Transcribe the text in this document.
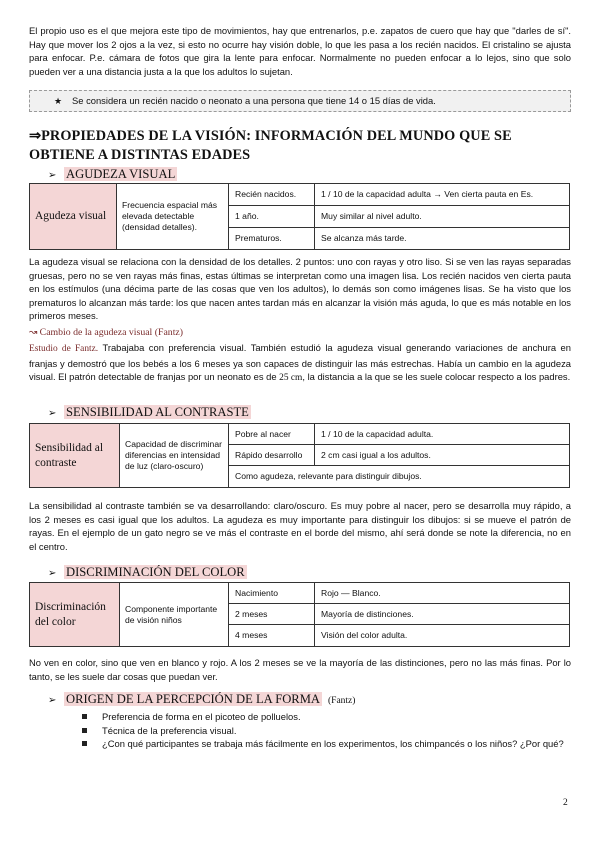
El propio uso es el que mejora este tipo de movimientos, hay que entrenarlos, p.e. zapatos de cuero que hay que "darles de sí". Hay que mover los 2 ojos a la vez, si esto no ocurre hay visión doble, lo que les pasa a los recién nacidos. El cristalino se ajusta para enfocar. P.e. cámara de fotos que gira la lente para enfocar. Normalmente no pueden enfocar a lo lejos, sino que solo pueden ver a una distancia justa a la que los adultos lo sujetan.

★ Se considera un recién nacido o neonato a una persona que tiene 14 o 15 días de vida.
⇒PROPIEDADES DE LA VISIÓN: INFORMACIÓN DEL MUNDO QUE SE OBTIENE A DISTINTAS EDADES
➢ AGUDEZA VISUAL
Agudeza visual	Frecuencia espacial más elevada detectable (densidad detalles).	Recién nacidos.	1 / 10 de la capacidad adulta → Ven cierta pauta en Es.
		1 año.	Muy similar al nivel adulto.
		Prematuros.	Se alcanza más tarde.

La agudeza visual se relaciona con la densidad de los detalles. 2 puntos: uno con rayas y otro liso. Si se ven las rayas separadas gruesas, pero no se ven rayas más finas, estas últimas se interpretan como una imagen lisa. Los recién nacidos ven cierta pauta en los estímulos (una décima parte de las cosas que ven los adultos), lo demás son como imágenes lisas. Se ha visto que los prematuros lo alcanzan más tarde: los que nacen antes tardan más en alcanzar la visión más aguda, lo que es más notable en los primeros meses.

↝ Cambio de la agudeza visual (Fantz)

Estudio de Fantz. Trabajaba con preferencia visual. También estudió la agudeza visual generando variaciones de anchura en franjas y demostró que los bebés a los 6 meses ya son capaces de distinguir las más estrechas. Había un cambio en la agudeza visual. El patrón detectable de franjas por un neonato es de 25 cm, la distancia a la que se les suele colocar respecto a los padres.

➢ SENSIBILIDAD AL CONTRASTE
Sensibilidad al contraste	Capacidad de discriminar diferencias en intensidad de luz (claro-oscuro)	Pobre al nacer	1 / 10 de la capacidad adulta.
		Rápido desarrollo	2 cm casi igual a los adultos.
		Como agudeza, relevante para distinguir dibujos.	

La sensibilidad al contraste también se va desarrollando: claro/oscuro. Es muy pobre al nacer, pero se desarrolla muy rápido, a los 2 meses es casi igual que los adultos. La agudeza es muy importante para distinguir los dibujos: si se mueve el patrón de rayas. En el ejemplo de un gato negro se ve más el contraste en el borde del mismo, ahí será donde se note la diferencia, no en el centro.

➢ DISCRIMINACIÓN DEL COLOR
Discriminación del color	Componente importante de visión niños	Nacimiento	Rojo — Blanco.
		2 meses	Mayoría de distinciones.
		4 meses	Visión del color adulta.

No ven en color, sino que ven en blanco y rojo. A los 2 meses se ve la mayoría de las distinciones, pero no las más finas. Por lo tanto, se les suele dar cosas que puedan ver.

➢ ORIGEN DE LA PERCEPCIÓN DE LA FORMA (Fantz)
Preferencia de forma en el picoteo de polluelos.
Técnica de la preferencia visual.
¿Con qué participantes se trabaja más fácilmente en los experimentos, los chimpancés o los niños? ¿Por qué?
2
